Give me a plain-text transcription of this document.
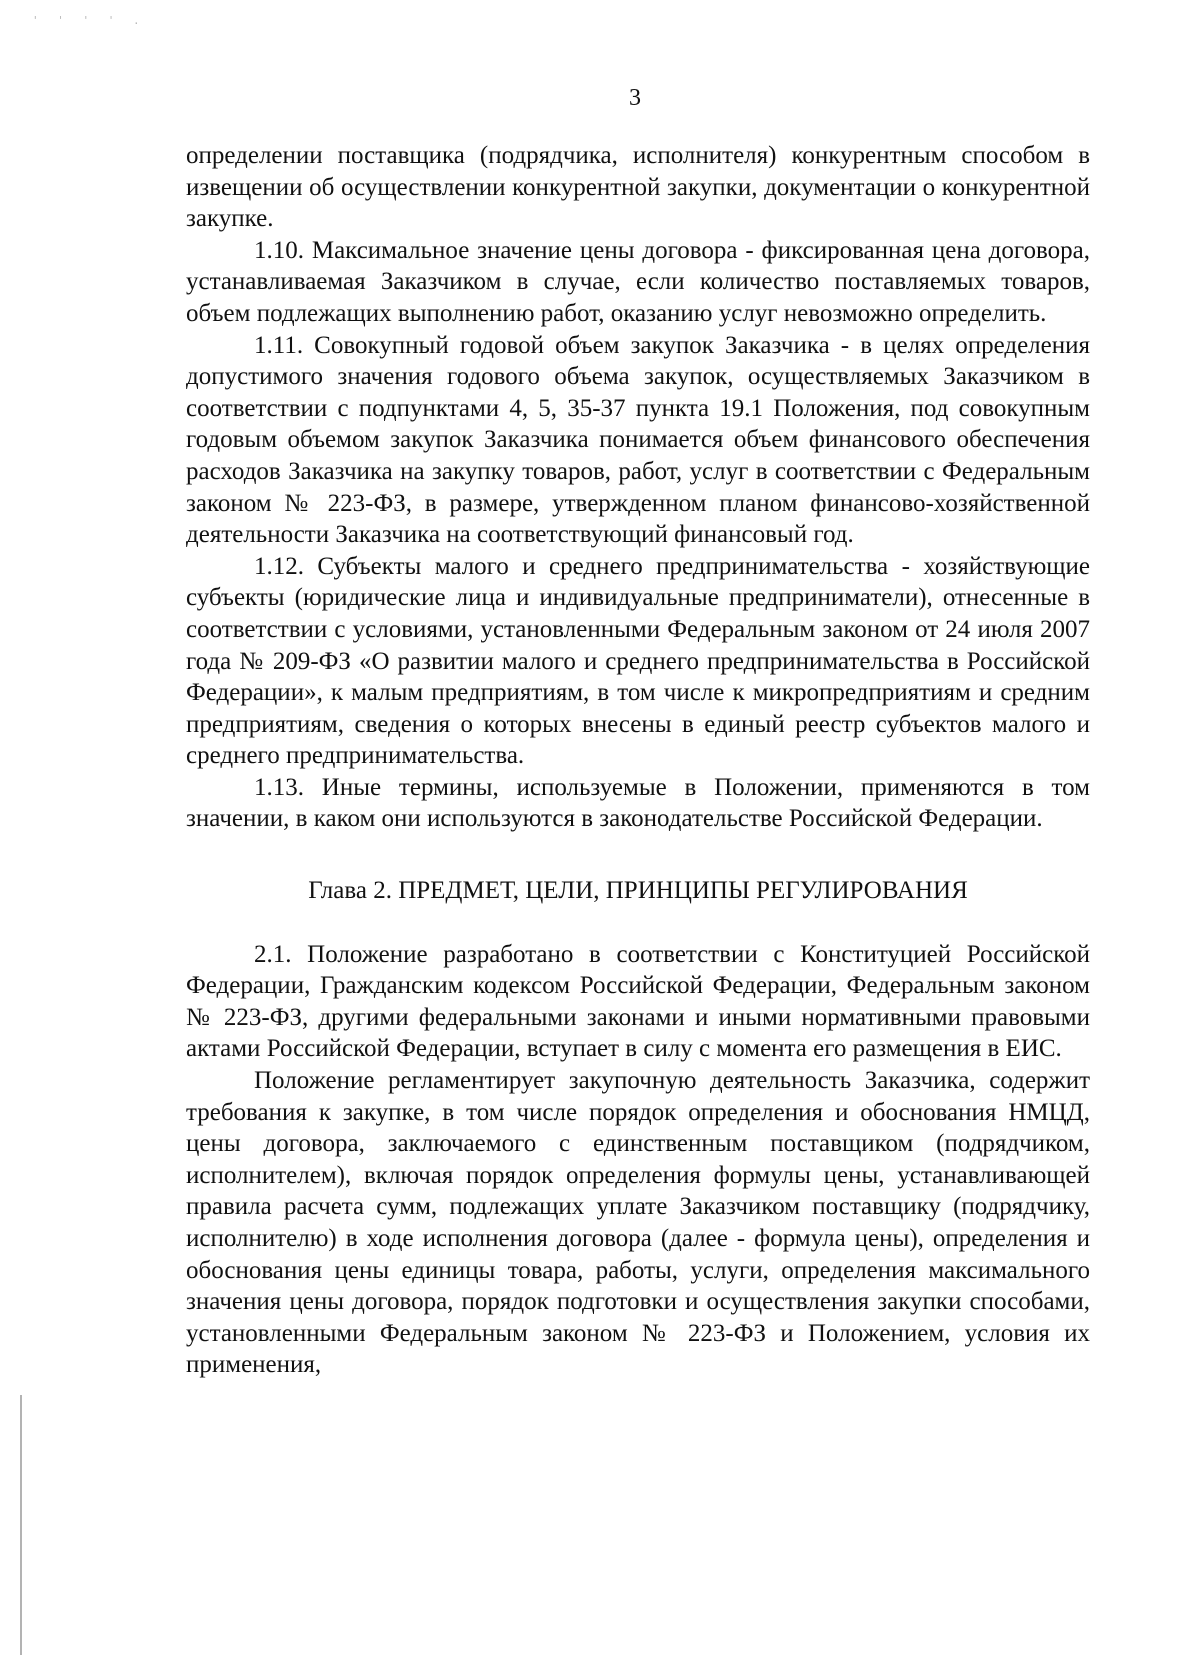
' ' ' ' .
3

определении поставщика (подрядчика, исполнителя) конкурентным способом в извещении об осуществлении конкурентной закупки, документации о конкурентной закупке.

1.10. Максимальное значение цены договора - фиксированная цена договора, устанавливаемая Заказчиком в случае, если количество поставляемых товаров, объем подлежащих выполнению работ, оказанию услуг невозможно определить.

1.11. Совокупный годовой объем закупок Заказчика - в целях определения допустимого значения годового объема закупок, осуществляемых Заказчиком в соответствии с подпунктами 4, 5, 35-37 пункта 19.1 Положения, под совокупным годовым объемом закупок Заказчика понимается объем финансового обеспечения расходов Заказчика на закупку товаров, работ, услуг в соответствии с Федеральным законом № 223-ФЗ, в размере, утвержденном планом финансово-хозяйственной деятельности Заказчика на соответствующий финансовый год.

1.12. Субъекты малого и среднего предпринимательства - хозяйствующие субъекты (юридические лица и индивидуальные предприниматели), отнесенные в соответствии с условиями, установленными Федеральным законом от 24 июля 2007 года № 209-ФЗ «О развитии малого и среднего предпринимательства в Российской Федерации», к малым предприятиям, в том числе к микропредприятиям и средним предприятиям, сведения о которых внесены в единый реестр субъектов малого и среднего предпринимательства.

1.13. Иные термины, используемые в Положении, применяются в том значении, в каком они используются в законодательстве Российской Федерации.

Глава 2. ПРЕДМЕТ, ЦЕЛИ, ПРИНЦИПЫ РЕГУЛИРОВАНИЯ

2.1. Положение разработано в соответствии с Конституцией Российской Федерации, Гражданским кодексом Российской Федерации, Федеральным законом № 223-ФЗ, другими федеральными законами и иными нормативными правовыми актами Российской Федерации, вступает в силу с момента его размещения в ЕИС.

Положение регламентирует закупочную деятельность Заказчика, содержит требования к закупке, в том числе порядок определения и обоснования НМЦД, цены договора, заключаемого с единственным поставщиком (подрядчиком, исполнителем), включая порядок определения формулы цены, устанавливающей правила расчета сумм, подлежащих уплате Заказчиком поставщику (подрядчику, исполнителю) в ходе исполнения договора (далее - формула цены), определения и обоснования цены единицы товара, работы, услуги, определения максимального значения цены договора, порядок подготовки и осуществления закупки способами, установленными Федеральным законом № 223-ФЗ и Положением, условия их применения,
